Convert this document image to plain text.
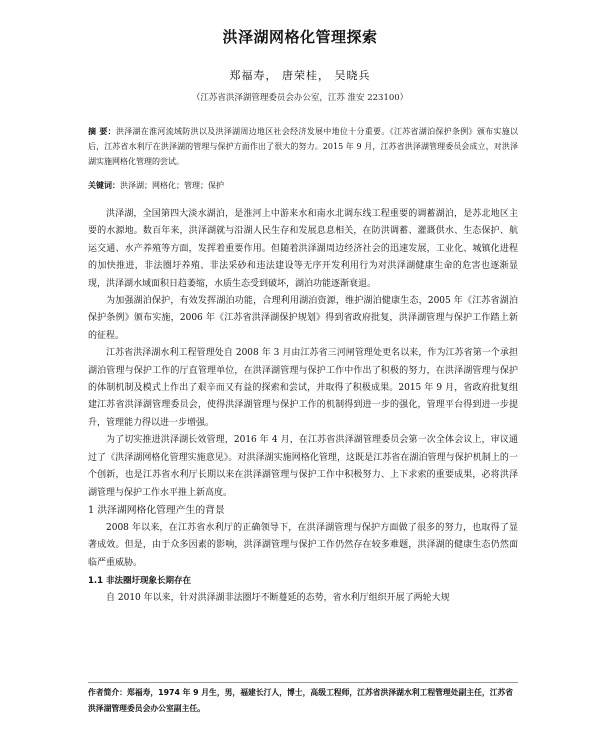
洪泽湖网格化管理探索
郑福寿， 唐荣桂， 吴晓兵
（江苏省洪泽湖管理委员会办公室，江苏 淮安 223100）
摘 要：洪泽湖在淮河流域防洪以及洪泽湖周边地区社会经济发展中地位十分重要。《江苏省湖泊保护条例》颁布实施以后，江苏省水利厅在洪泽湖的管理与保护方面作出了很大的努力。2015 年 9 月，江苏省洪泽湖管理委员会成立，对洪泽湖实施网格化管理的尝试。
关键词：洪泽湖；网格化；管理；保护

洪泽湖，全国第四大淡水湖泊，是淮河上中游来水和南水北调东线工程重要的调蓄湖泊，是苏北地区主要的水源地。数百年来，洪泽湖就与沿湖人民生存和发展息息相关，在防洪调蓄、灌溉供水、生态保护、航运交通、水产养殖等方面，发挥着重要作用。但随着洪泽湖周边经济社会的迅速发展，工业化、城镇化进程的加快推进，非法圈圩养殖、非法采砂和违法建设等无序开发利用行为对洪泽湖健康生命的危害也逐渐显现，洪泽湖水域面积日趋萎缩，水质生态受到破坏，湖泊功能逐渐衰退。

为加强湖泊保护，有效发挥湖泊功能，合理利用湖泊资源，维护湖泊健康生态，2005 年《江苏省湖泊保护条例》颁布实施，2006 年《江苏省洪泽湖保护规划》得到省政府批复，洪泽湖管理与保护工作踏上新的征程。

江苏省洪泽湖水利工程管理处自 2008 年 3 月由江苏省三河闸管理处更名以来，作为江苏省第一个承担湖泊管理与保护工作的厅直管理单位，在洪泽湖管理与保护工作中作出了积极的努力，在洪泽湖管理与保护的体制机制及模式上作出了艰辛而又有益的探索和尝试，并取得了积极成果。2015 年 9 月，省政府批复组建江苏省洪泽湖管理委员会，使得洪泽湖管理与保护工作的机制得到进一步的强化，管理平台得到进一步提升，管理能力得以进一步增强。

为了切实推进洪泽湖长效管理，2016 年 4 月，在江苏省洪泽湖管理委员会第一次全体会议上，审议通过了《洪泽湖网格化管理实施意见》。对洪泽湖实施网格化管理，这既是江苏省在湖泊管理与保护机制上的一个创新，也是江苏省水利厅长期以来在洪泽湖管理与保护工作中积极努力、上下求索的重要成果，必将洪泽湖管理与保护工作水平推上新高度。

1 洪泽湖网格化管理产生的背景

2008 年以来，在江苏省水利厅的正确领导下，在洪泽湖管理与保护方面做了很多的努力，也取得了显著成效。但是，由于众多因素的影响，洪泽湖管理与保护工作仍然存在较多难题，洪泽湖的健康生态仍然面临严重威胁。

1.1 非法圈圩现象长期存在

自 2010 年以来，针对洪泽湖非法圈圩不断蔓延的态势，省水利厅组织开展了两轮大规

作者简介：郑福寿，1974 年 9 月生，男，福建长汀人，博士，高级工程师，江苏省洪泽湖水利工程管理处副主任，江苏省洪泽湖管理委员会办公室副主任。
